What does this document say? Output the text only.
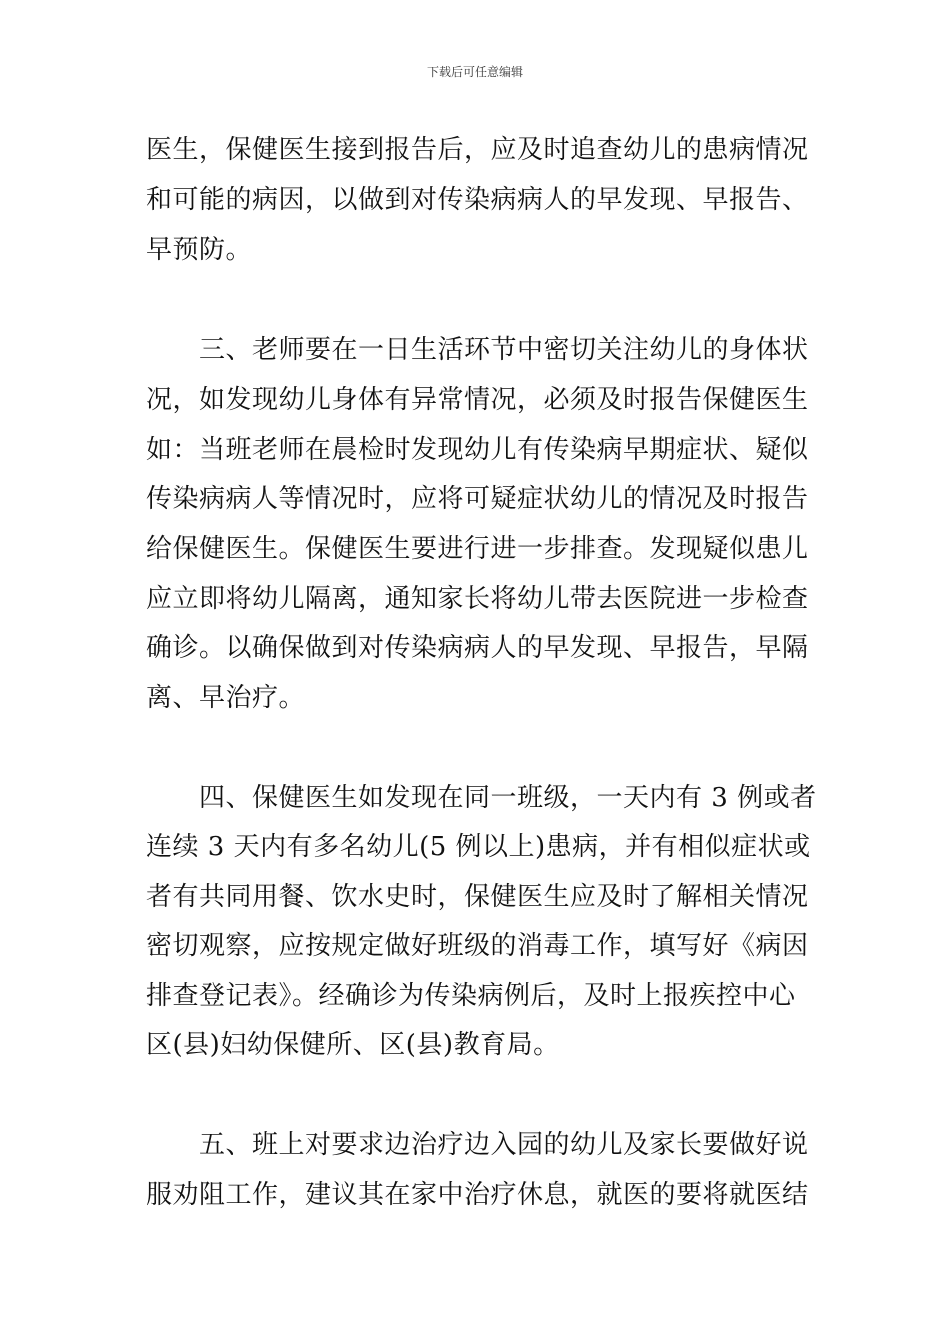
下载后可任意编辑
医生，保健医生接到报告后，应及时追查幼儿的患病情况
和可能的病因，以做到对传染病病人的早发现、早报告、
早预防。
　　三、老师要在一日生活环节中密切关注幼儿的身体状
况，如发现幼儿身体有异常情况，必须及时报告保健医生
如：当班老师在晨检时发现幼儿有传染病早期症状、疑似
传染病病人等情况时，应将可疑症状幼儿的情况及时报告
给保健医生。保健医生要进行进一步排查。发现疑似患儿
应立即将幼儿隔离，通知家长将幼儿带去医院进一步检查
确诊。以确保做到对传染病病人的早发现、早报告，早隔
离、早治疗。
　　四、保健医生如发现在同一班级，一天内有 3 例或者
连续 3 天内有多名幼儿(5 例以上)患病，并有相似症状或
者有共同用餐、饮水史时，保健医生应及时了解相关情况
密切观察，应按规定做好班级的消毒工作，填写好《病因
排查登记表》。经确诊为传染病例后，及时上报疾控中心
区(县)妇幼保健所、区(县)教育局。
　　五、班上对要求边治疗边入园的幼儿及家长要做好说
服劝阻工作，建议其在家中治疗休息，就医的要将就医结
